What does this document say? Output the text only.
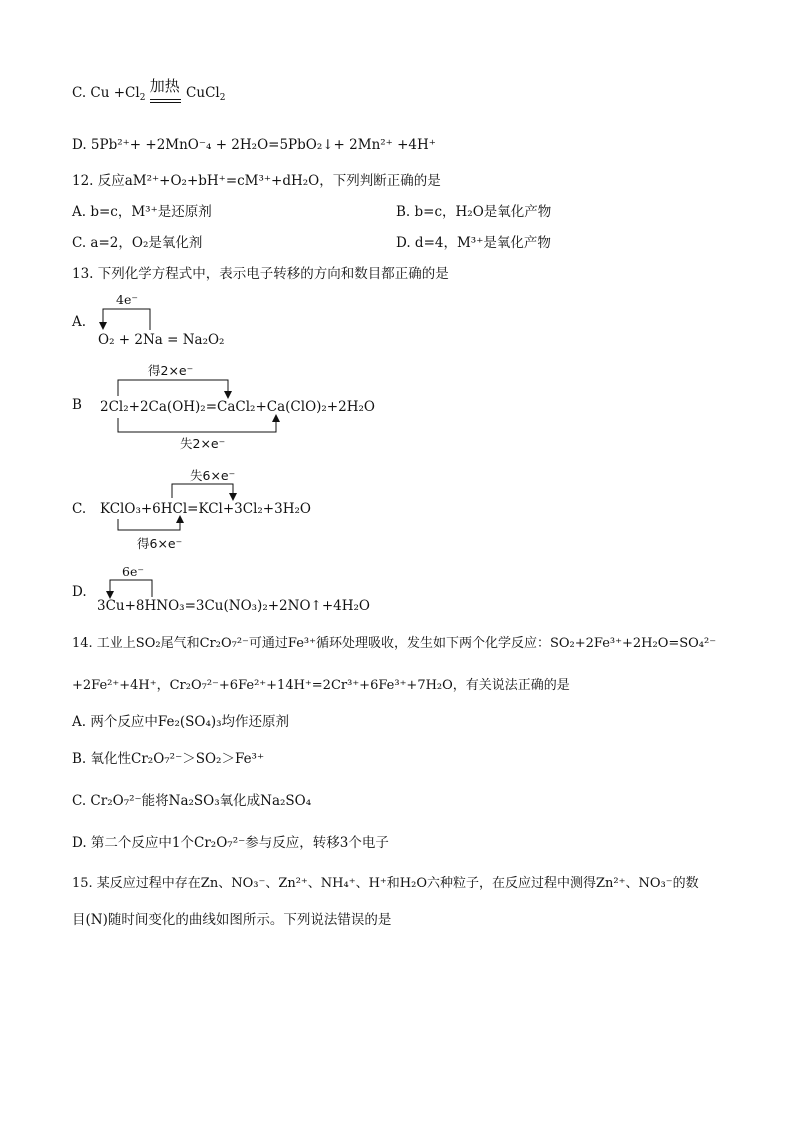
C. $Cu +Cl_2$
加热 CuCl$_2$
D. 5Pb²⁺+ +2MnO⁻₄ + 2H₂O=5PbO₂↓+ 2Mn²⁺ +4H⁺
12. 反应aM²⁺+O₂+bH⁺=cM³⁺+dH₂O，下列判断正确的是
A. b=c，M³⁺是还原剂	B. b=c，H₂O是氧化产物
C. a=2，O₂是氧化剂	D. d=4，M³⁺是氧化产物
13. 下列化学方程式中，表示电子转移的方向和数目都正确的是
4e⁻
A.
O₂ + 2Na = Na₂O₂
得2×e⁻
B 2Cl₂+2Ca(OH)₂=CaCl₂+Ca(ClO)₂+2H₂O
失2×e⁻
失6×e⁻
C. KClO₃+6HCl=KCl+3Cl₂+3H₂O
得6×e⁻
6e⁻
D.
3Cu+8HNO₃=3Cu(NO₃)₂+2NO↑+4H₂O
14. 工业上SO₂尾气和Cr₂O₇²⁻可通过Fe³⁺循环处理吸收，发生如下两个化学反应：SO₂+2Fe³⁺+2H₂O=SO₄²⁻
+2Fe²⁺+4H⁺，Cr₂O₇²⁻+6Fe²⁺+14H⁺=2Cr³⁺+6Fe³⁺+7H₂O，有关说法正确的是
A. 两个反应中Fe₂(SO₄)₃均作还原剂
B. 氧化性Cr₂O₇²⁻＞SO₂＞Fe³⁺
C. Cr₂O₇²⁻能将Na₂SO₃氧化成Na₂SO₄
D. 第二个反应中1个Cr₂O₇²⁻参与反应，转移3个电子
15. 某反应过程中存在Zn、NO₃⁻、Zn²⁺、NH₄⁺、H⁺和H₂O六种粒子，在反应过程中测得Zn²⁺、NO₃⁻的数
目(N)随时间变化的曲线如图所示。下列说法错误的是
